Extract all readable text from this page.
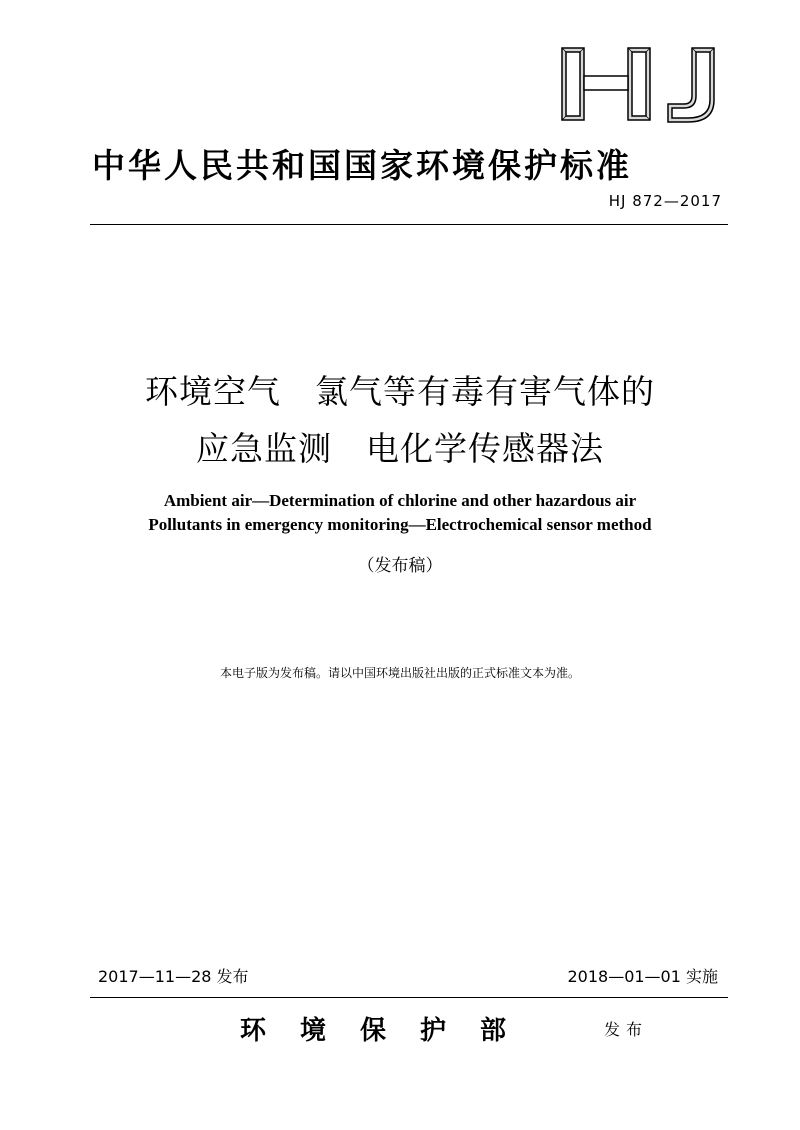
中华人民共和国国家环境保护标准
HJ 872—2017
环境空气　氯气等有毒有害气体的
应急监测　电化学传感器法
Ambient air—Determination of chlorine and other hazardous air
Pollutants in emergency monitoring—Electrochemical sensor method
（发布稿）
本电子版为发布稿。请以中国环境出版社出版的正式标准文本为准。
2017—11—28 发布	2018—01—01 实施
环境保护部	发布
